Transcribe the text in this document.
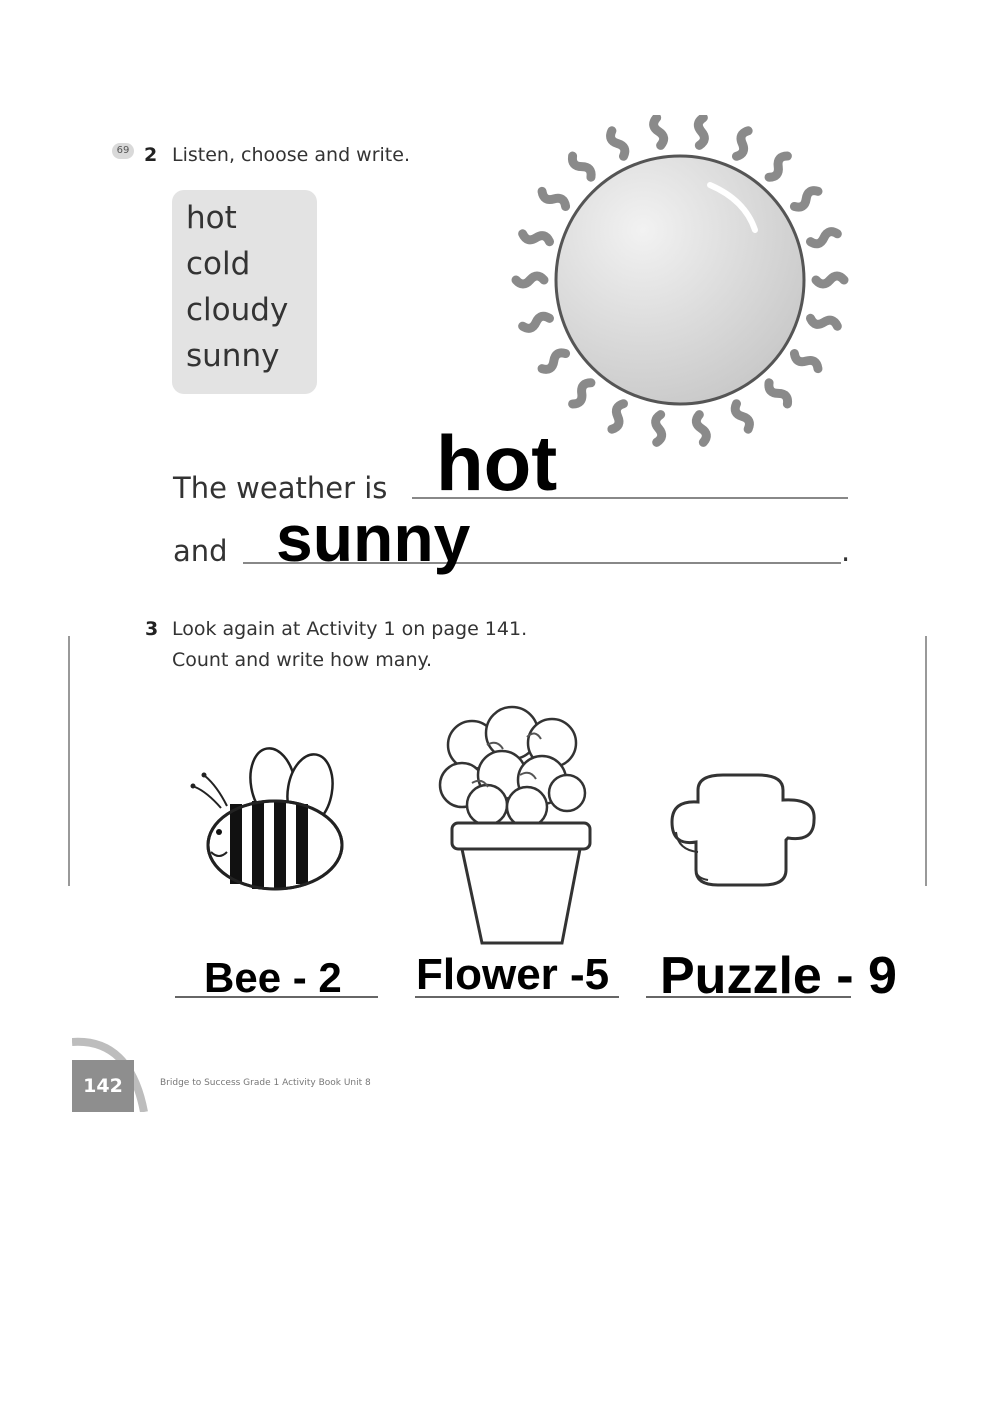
69 2 Listen, choose and write.
hot
cold
cloudy
sunny
The weather is hot
and sunny	.
3 Look again at Activity 1 on page 141.
Count and write how many.
Bee - 2 Flower -5 Puzzle - 9
142	Bridge to Success Grade 1 Activity Book Unit 8
